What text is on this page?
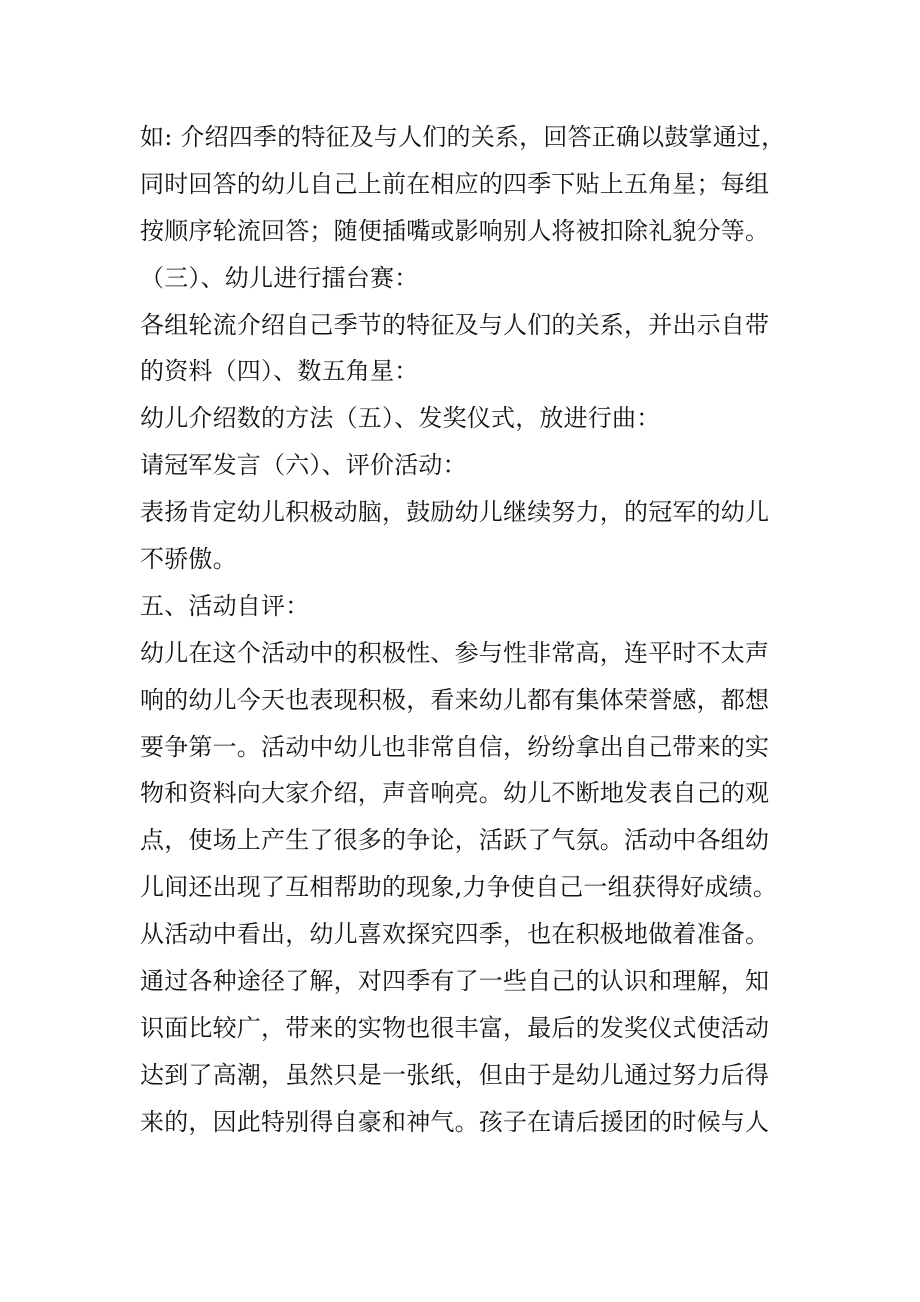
如: 介绍四季的特征及与人们的关系，回答正确以鼓掌通过，
同时回答的幼儿自己上前在相应的四季下贴上五角星；每组
按顺序轮流回答；随便插嘴或影响别人将被扣除礼貌分等。
（三）、幼儿进行擂台赛：
各组轮流介绍自己季节的特征及与人们的关系，并出示自带
的资料（四）、数五角星：
幼儿介绍数的方法（五）、发奖仪式，放进行曲：
请冠军发言（六）、评价活动：
表扬肯定幼儿积极动脑，鼓励幼儿继续努力，的冠军的幼儿
不骄傲。
五、活动自评：
幼儿在这个活动中的积极性、参与性非常高，连平时不太声
响的幼儿今天也表现积极，看来幼儿都有集体荣誉感，都想
要争第一。活动中幼儿也非常自信，纷纷拿出自己带来的实
物和资料向大家介绍，声音响亮。幼儿不断地发表自己的观
点，使场上产生了很多的争论，活跃了气氛。活动中各组幼
儿间还出现了互相帮助的现象,力争使自己一组获得好成绩。
从活动中看出，幼儿喜欢探究四季，也在积极地做着准备。
通过各种途径了解，对四季有了一些自己的认识和理解，知
识面比较广，带来的实物也很丰富，最后的发奖仪式使活动
达到了高潮，虽然只是一张纸，但由于是幼儿通过努力后得
来的，因此特别得自豪和神气。孩子在请后援团的时候与人
